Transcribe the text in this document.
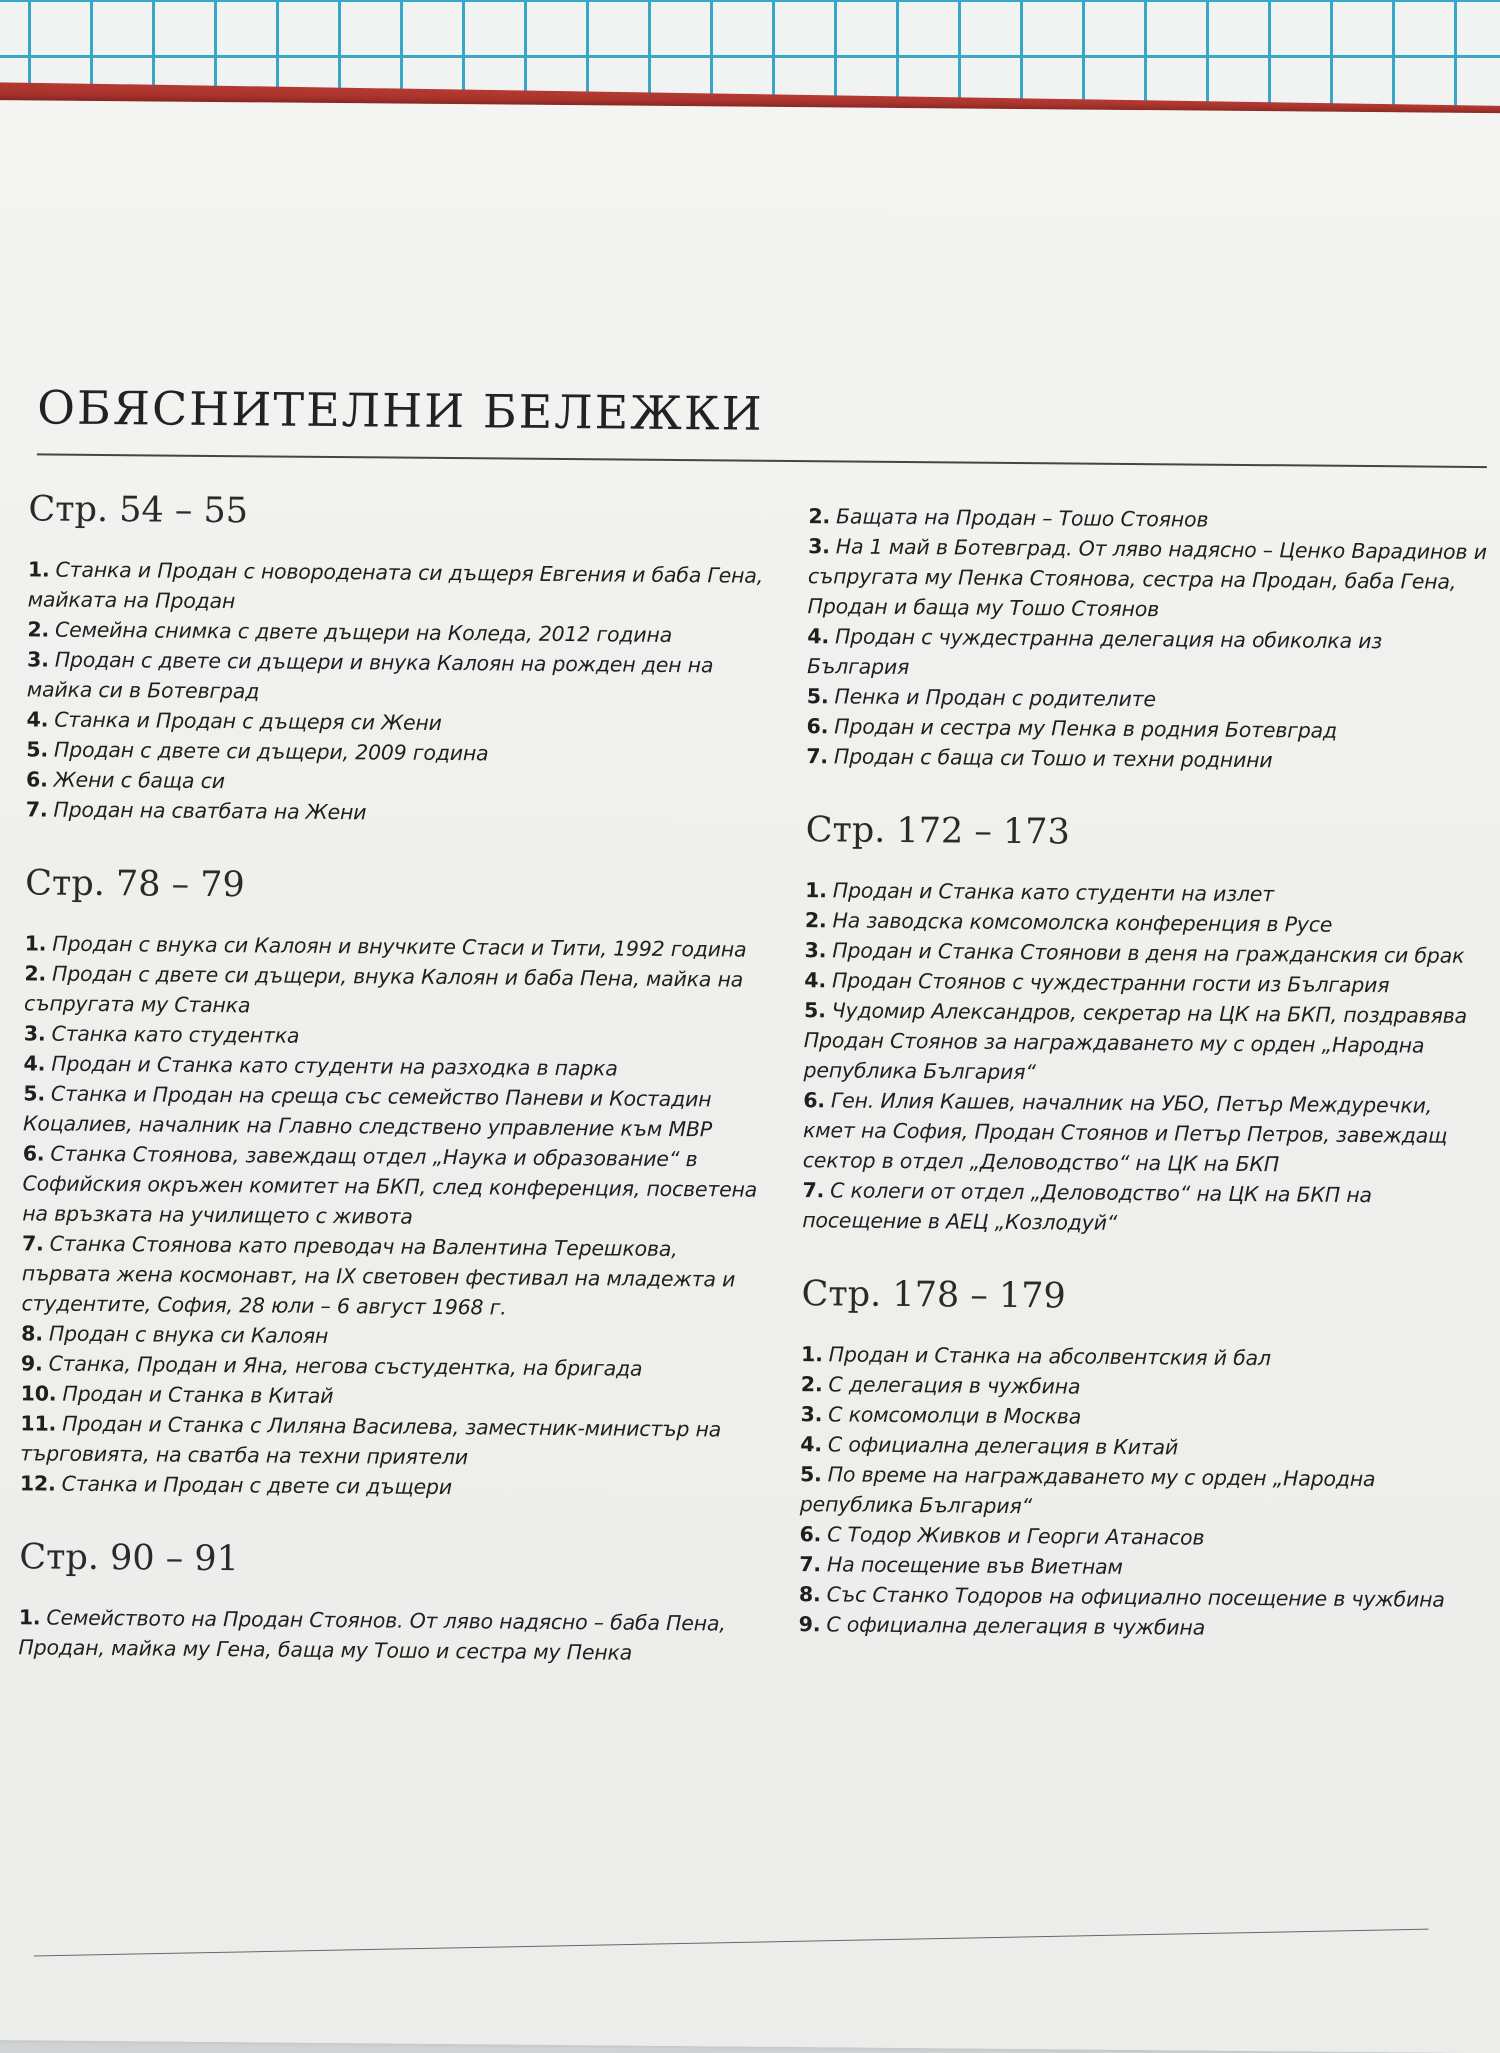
ОБЯСНИТЕЛНИ БЕЛЕЖКИ
Стр. 54 – 55
1. Станка и Продан с новородената си дъщеря Евгения и баба Гена, майката на Продан
2. Семейна снимка с двете дъщери на Коледа, 2012 година
3. Продан с двете си дъщери и внука Калоян на рожден ден на майка си в Ботевград
4. Станка и Продан с дъщеря си Жени
5. Продан с двете си дъщери, 2009 година
6. Жени с баща си
7. Продан на сватбата на Жени
Стр. 78 – 79
1. Продан с внука си Калоян и внучките Стаси и Тити, 1992 година
2. Продан с двете си дъщери, внука Калоян и баба Пена, майка на съпругата му Станка
3. Станка като студентка
4. Продан и Станка като студенти на разходка в парка
5. Станка и Продан на среща със семейство Паневи и Костадин Коцалиев, началник на Главно следствено управление към МВР
6. Станка Стоянова, завеждащ отдел „Наука и образование“ в Софийския окръжен комитет на БКП, след конференция, посветена на връзката на училището с живота
7. Станка Стоянова като преводач на Валентина Терешкова, първата жена космонавт, на IX световен фестивал на младежта и студентите, София, 28 юли – 6 август 1968 г.
8. Продан с внука си Калоян
9. Станка, Продан и Яна, негова състудентка, на бригада
10. Продан и Станка в Китай
11. Продан и Станка с Лиляна Василева, заместник-министър на търговията, на сватба на техни приятели
12. Станка и Продан с двете си дъщери
Стр. 90 – 91
1. Семейството на Продан Стоянов. От ляво надясно – баба Пена, Продан, майка му Гена, баща му Тошо и сестра му Пенка
2. Бащата на Продан – Тошо Стоянов
3. На 1 май в Ботевград. От ляво надясно – Ценко Варадинов и съпругата му Пенка Стоянова, сестра на Продан, баба Гена, Продан и баща му Тошо Стоянов
4. Продан с чуждестранна делегация на обиколка из България
5. Пенка и Продан с родителите
6. Продан и сестра му Пенка в родния Ботевград
7. Продан с баща си Тошо и техни роднини
Стр. 172 – 173
1. Продан и Станка като студенти на излет
2. На заводска комсомолска конференция в Русе
3. Продан и Станка Стоянови в деня на гражданския си брак
4. Продан Стоянов с чуждестранни гости из България
5. Чудомир Александров, секретар на ЦК на БКП, поздравява Продан Стоянов за награждаването му с орден „Народна република България“
6. Ген. Илия Кашев, началник на УБО, Петър Междуречки, кмет на София, Продан Стоянов и Петър Петров, завеждащ сектор в отдел „Деловодство“ на ЦК на БКП
7. С колеги от отдел „Деловодство“ на ЦК на БКП на посещение в АЕЦ „Козлодуй“
Стр. 178 – 179
1. Продан и Станка на абсолвентския й бал
2. С делегация в чужбина
3. С комсомолци в Москва
4. С официална делегация в Китай
5. По време на награждаването му с орден „Народна република България“
6. С Тодор Живков и Георги Атанасов
7. На посещение във Виетнам
8. Със Станко Тодоров на официално посещение в чужбина
9. С официална делегация в чужбина
